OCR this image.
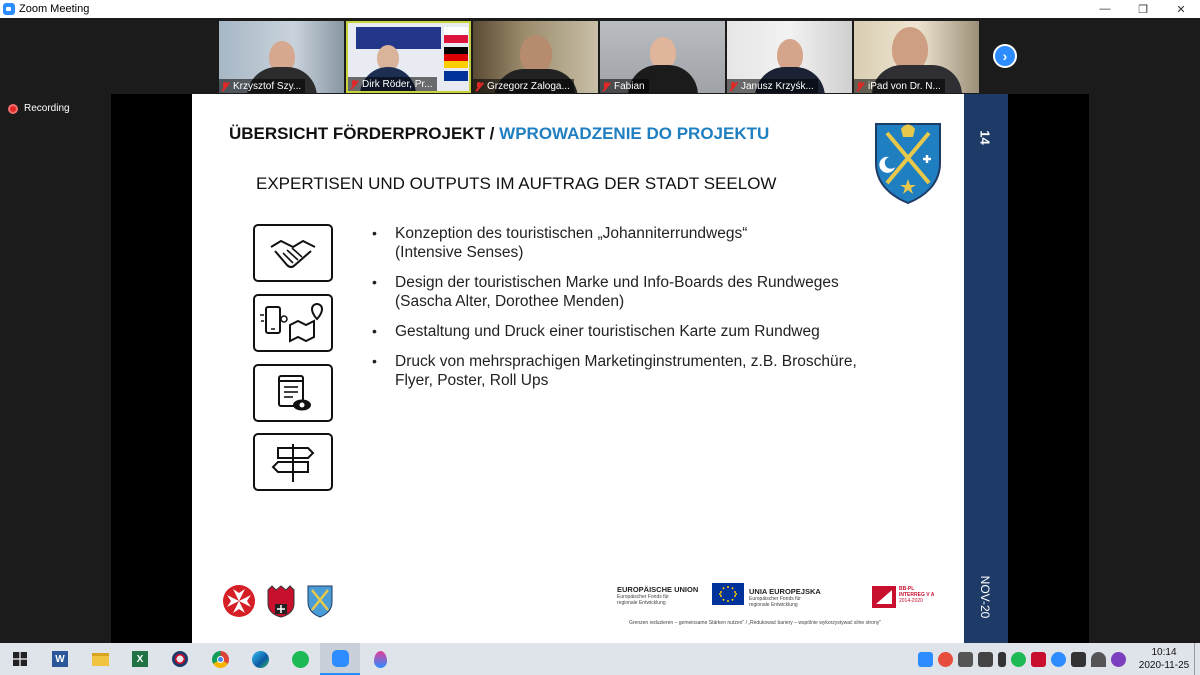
Zoom Meeting	—	❐	✕
Krzysztof Szy...	Dirk Röder, Pr...	Grzegorz Zaloga...	Fabian	Janusz Krzyśk...	iPad von Dr. N...
›
Recording
14
NOV-20
ÜBERSICHT FÖRDERPROJEKT / WPROWADZENIE DO PROJEKTU
EXPERTISEN UND OUTPUTS IM AUFTRAG DER STADT SEELOW
• Konzeption des touristischen „Johanniterrundwegs“
(Intensive Senses)
• Design der touristischen Marke und Info-Boards des Rundweges
(Sascha Alter, Dorothee Menden)
• Gestaltung und Druck einer touristischen Karte zum Rundweg
• Druck von mehrsprachigen Marketinginstrumenten, z.B. Broschüre,
Flyer, Poster, Roll Ups
EUROPÄISCHE UNION
Europäischer Fonds für
regionale Entwicklung
UNIA EUROPEJSKA
Europäischer Fonds für
regionale Entwicklung
BB-PL
INTERREG V A
2014-2020
Grenzen reduzieren – gemeinsame Stärken nutzen" / „Redukować bariery – wspólnie wykorzystywać silne strony"
W	X
10:14
2020-11-25
